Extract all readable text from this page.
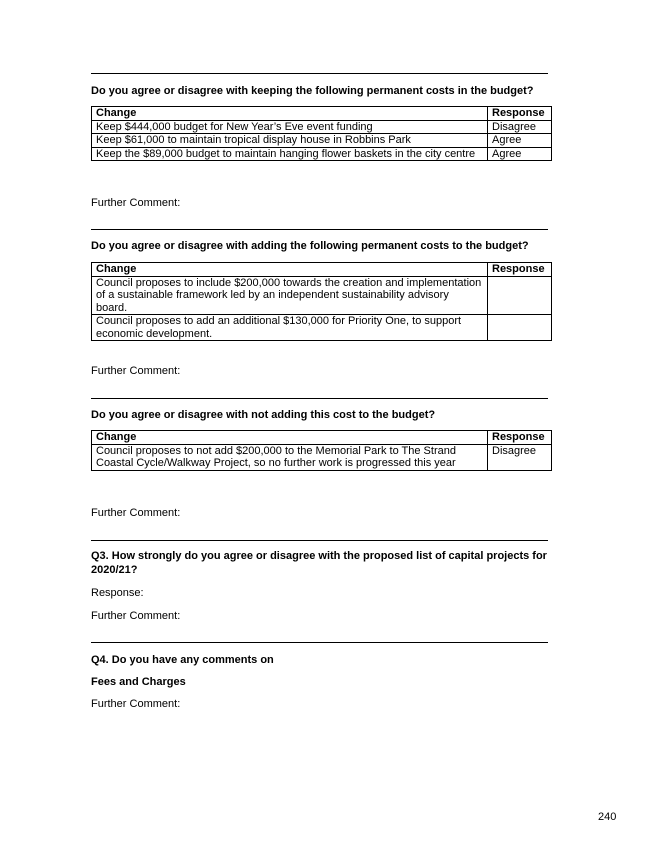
Do you agree or disagree with keeping the following permanent costs in the budget?
Change	Response
Keep $444,000 budget for New Year’s Eve event funding	Disagree
Keep $61,000 to maintain tropical display house in Robbins Park	Agree
Keep the $89,000 budget to maintain hanging flower baskets in the city centre	Agree
Further Comment:
Do you agree or disagree with adding the following permanent costs to the budget?
Change	Response
Council proposes to include $200,000 towards the creation and implementation of a sustainable framework led by an independent sustainability advisory board.	
Council proposes to add an additional $130,000 for Priority One, to support economic development.	
Further Comment:
Do you agree or disagree with not adding this cost to the budget?
Change	Response
Council proposes to not add $200,000 to the Memorial Park to The Strand Coastal Cycle/Walkway Project, so no further work is progressed this year	Disagree
Further Comment:
Q3. How strongly do you agree or disagree with the proposed list of capital projects for 2020/21?
Response:
Further Comment:
Q4. Do you have any comments on
Fees and Charges
Further Comment:
240
